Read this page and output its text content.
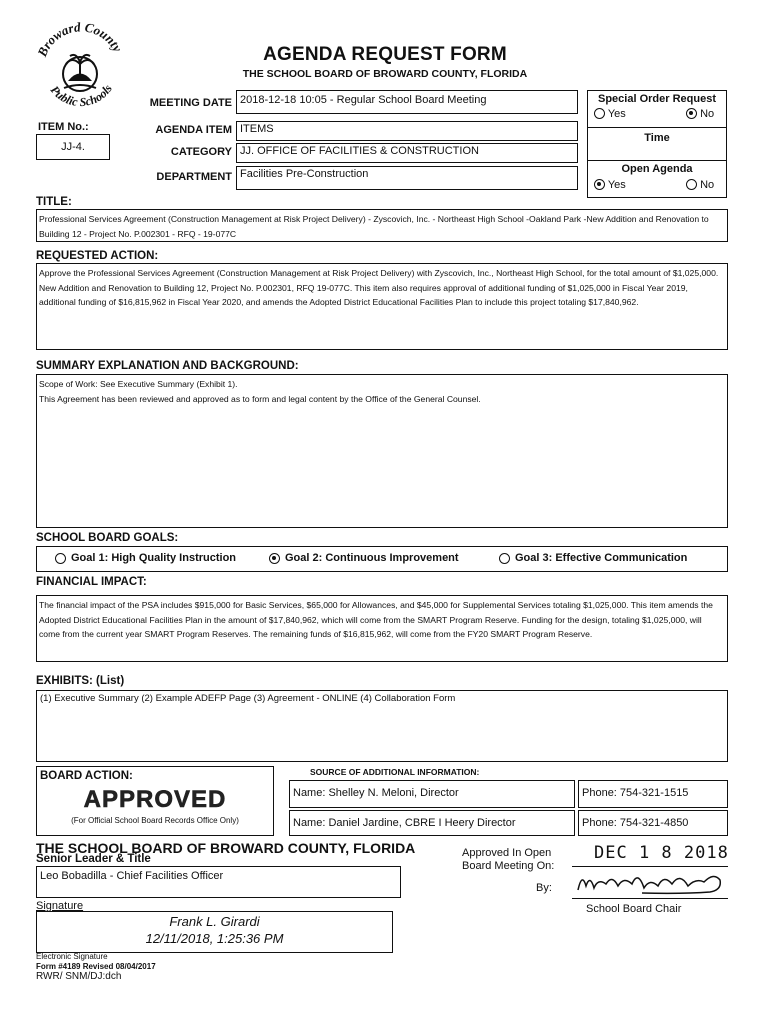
Broward County
Public Schools
AGENDA REQUEST FORM
THE SCHOOL BOARD OF BROWARD COUNTY, FLORIDA
MEETING DATE 2018-12-18 10:05 - Regular School Board Meeting
ITEM No.:
JJ-4.
AGENDA ITEM ITEMS
CATEGORY JJ. OFFICE OF FACILITIES & CONSTRUCTION
DEPARTMENT Facilities Pre-Construction
Special Order Request
Yes	No
Time
Open Agenda
Yes	No
TITLE:
Professional Services Agreement (Construction Management at Risk Project Delivery) - Zyscovich, Inc. - Northeast High School -Oakland Park -New Addition and Renovation to Building 12 - Project No. P.002301 - RFQ - 19-077C
REQUESTED ACTION:
Approve the Professional Services Agreement (Construction Management at Risk Project Delivery) with Zyscovich, Inc., Northeast High School, for the total amount of $1,025,000. New Addition and Renovation to Building 12, Project No. P.002301, RFQ 19-077C. This item also requires approval of additional funding of $1,025,000 in Fiscal Year 2019, additional funding of $16,815,962 in Fiscal Year 2020, and amends the Adopted District Educational Facilities Plan to include this project totaling $17,840,962.
SUMMARY EXPLANATION AND BACKGROUND:
Scope of Work: See Executive Summary (Exhibit 1).
This Agreement has been reviewed and approved as to form and legal content by the Office of the General Counsel.
SCHOOL BOARD GOALS:
Goal 1: High Quality Instruction	Goal 2: Continuous Improvement	Goal 3: Effective Communication
FINANCIAL IMPACT:
The financial impact of the PSA includes $915,000 for Basic Services, $65,000 for Allowances, and $45,000 for Supplemental Services totaling $1,025,000. This item amends the Adopted District Educational Facilities Plan in the amount of $17,840,962, which will come from the SMART Program Reserve. Funding for the design, totaling $1,025,000, will come from the current year SMART Program Reserves. The remaining funds of $16,815,962, will come from the FY20 SMART Program Reserve.
EXHIBITS: (List)
(1) Executive Summary (2) Example ADEFP Page (3) Agreement - ONLINE (4) Collaboration Form
BOARD ACTION:
APPROVED
(For Official School Board Records Office Only)
SOURCE OF ADDITIONAL INFORMATION:
Name: Shelley N. Meloni, Director	Phone: 754-321-1515
Name: Daniel Jardine, CBRE I Heery Director	Phone: 754-321-4850
THE SCHOOL BOARD OF BROWARD COUNTY, FLORIDA
Senior Leader & Title
Leo Bobadilla - Chief Facilities Officer
Signature
Frank L. Girardi
12/11/2018, 1:25:36 PM
Electronic Signature
Form #4189 Revised 08/04/2017
RWR/ SNM/DJ:dch
Approved In Open
Board Meeting On:
DEC 1 8 2018
By:
School Board Chair
